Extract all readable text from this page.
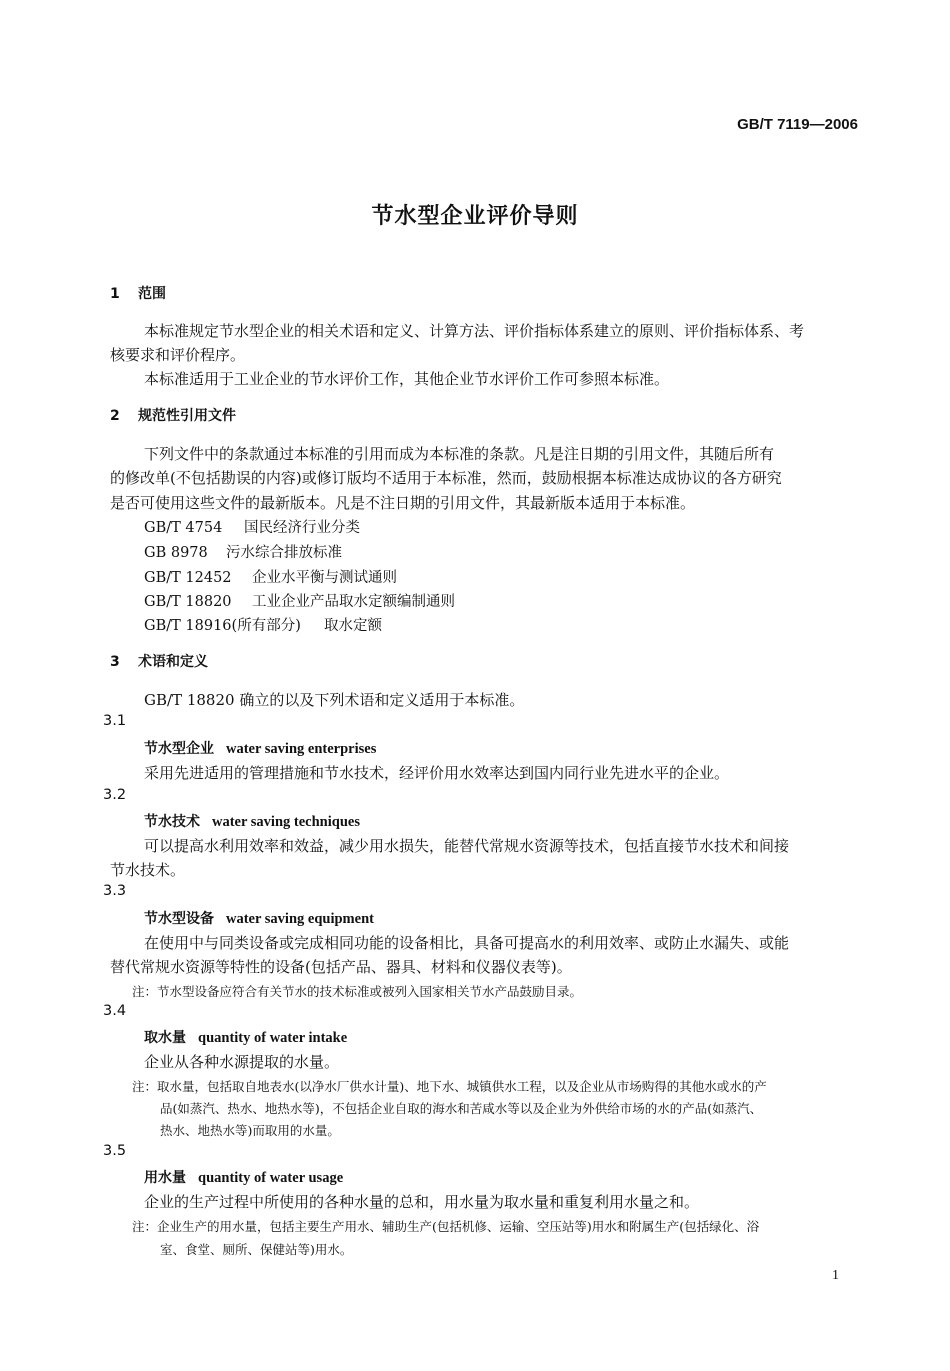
GB/T 7119—2006
节水型企业评价导则
1 范围
本标准规定节水型企业的相关术语和定义、计算方法、评价指标体系建立的原则、评价指标体系、考
核要求和评价程序。
本标准适用于工业企业的节水评价工作，其他企业节水评价工作可参照本标准。
2 规范性引用文件
下列文件中的条款通过本标准的引用而成为本标准的条款。凡是注日期的引用文件，其随后所有
的修改单(不包括勘误的内容)或修订版均不适用于本标准，然而，鼓励根据本标准达成协议的各方研究
是否可使用这些文件的最新版本。凡是不注日期的引用文件，其最新版本适用于本标准。
GB/T 4754 国民经济行业分类
GB 8978 污水综合排放标准
GB/T 12452 企业水平衡与测试通则
GB/T 18820 工业企业产品取水定额编制通则
GB/T 18916(所有部分) 取水定额
3 术语和定义
GB/T 18820 确立的以及下列术语和定义适用于本标准。
3.1
节水型企业 water saving enterprises
采用先进适用的管理措施和节水技术，经评价用水效率达到国内同行业先进水平的企业。
3.2
节水技术 water saving techniques
可以提高水利用效率和效益，减少用水损失，能替代常规水资源等技术，包括直接节水技术和间接
节水技术。
3.3
节水型设备 water saving equipment
在使用中与同类设备或完成相同功能的设备相比，具备可提高水的利用效率、或防止水漏失、或能
替代常规水资源等特性的设备(包括产品、器具、材料和仪器仪表等)。
注：节水型设备应符合有关节水的技术标准或被列入国家相关节水产品鼓励目录。
3.4
取水量 quantity of water intake
企业从各种水源提取的水量。
注：取水量，包括取自地表水(以净水厂供水计量)、地下水、城镇供水工程，以及企业从市场购得的其他水或水的产
品(如蒸汽、热水、地热水等)，不包括企业自取的海水和苦咸水等以及企业为外供给市场的水的产品(如蒸汽、
热水、地热水等)而取用的水量。
3.5
用水量 quantity of water usage
企业的生产过程中所使用的各种水量的总和，用水量为取水量和重复利用水量之和。
注：企业生产的用水量，包括主要生产用水、辅助生产(包括机修、运输、空压站等)用水和附属生产(包括绿化、浴
室、食堂、厕所、保健站等)用水。
1
